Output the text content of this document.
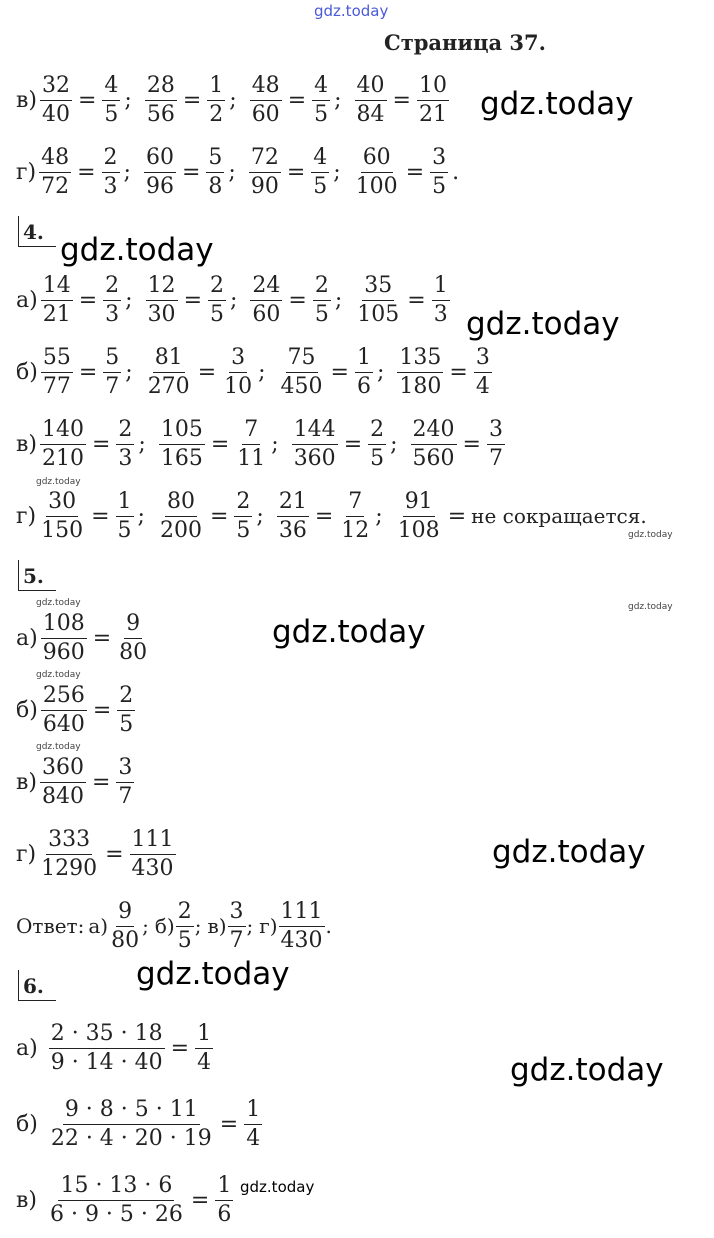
gdz.today
gdz.today
gdz.today
gdz.today
gdz.today
gdz.today
gdz.today	gdz.today
gdz.today
gdz.today
gdz.today
gdz.today
gdz.today
gdz.today
gdz.today
Страница 37.
4.
5.
6.
$в) \frac{32}{40} = \frac{4}{5}$ ; $\frac{28}{56} = \frac{1}{2}$ ; $\frac{48}{60} = \frac{4}{5}$ ; $\frac{40}{84} = \frac{10}{21}$
$г) \frac{48}{72} = \frac{2}{3}$ ; $\frac{60}{96} = \frac{5}{8}$ ; $\frac{72}{90} = \frac{4}{5}$ ; $\frac{60}{100} = \frac{3}{5}$ .
$а) \frac{14}{21} = \frac{2}{3}$ ; $\frac{12}{30} = \frac{2}{5}$ ; $\frac{24}{60} = \frac{2}{5}$ ; $\frac{35}{105} = \frac{1}{3}$
$б) \frac{55}{77} = \frac{5}{7}$ ; $\frac{81}{270} = \frac{3}{10}$ ; $\frac{75}{450} = \frac{1}{6}$ ; $\frac{135}{180} = \frac{3}{4}$
$в) \frac{140}{210} = \frac{2}{3}$ ; $\frac{105}{165} = \frac{7}{11}$ ; $\frac{144}{360} = \frac{2}{5}$ ; $\frac{240}{560} = \frac{3}{7}$
$г) \frac{30}{150} = \frac{1}{5}$ ; $\frac{80}{200} = \frac{2}{5}$ ; $\frac{21}{36} = \frac{7}{12}$ ; $\frac{91}{108}$ = не сокращается.
$а) \frac{108}{960} = \frac{9}{80}$
$б) \frac{256}{640} = \frac{2}{5}$
$в) \frac{360}{840} = \frac{3}{7}$
$г) \frac{333}{1290} = \frac{111}{430}$
Ответ: $а) \frac{9}{80}$ ; $б) \frac{2}{5}$ ; $в) \frac{3}{7}$ ; $г) \frac{111}{430}$ .
$а) \frac{2 \cdot 35 \cdot 18}{9 \cdot 14 \cdot 40} = \frac{1}{4}$
$б) \frac{9 \cdot 8 \cdot 5 \cdot 11}{22 \cdot 4 \cdot 20 \cdot 19} = \frac{1}{4}$
$в) \frac{15 \cdot 13 \cdot 6}{6 \cdot 9 \cdot 5 \cdot 26} = \frac{1}{6}$
